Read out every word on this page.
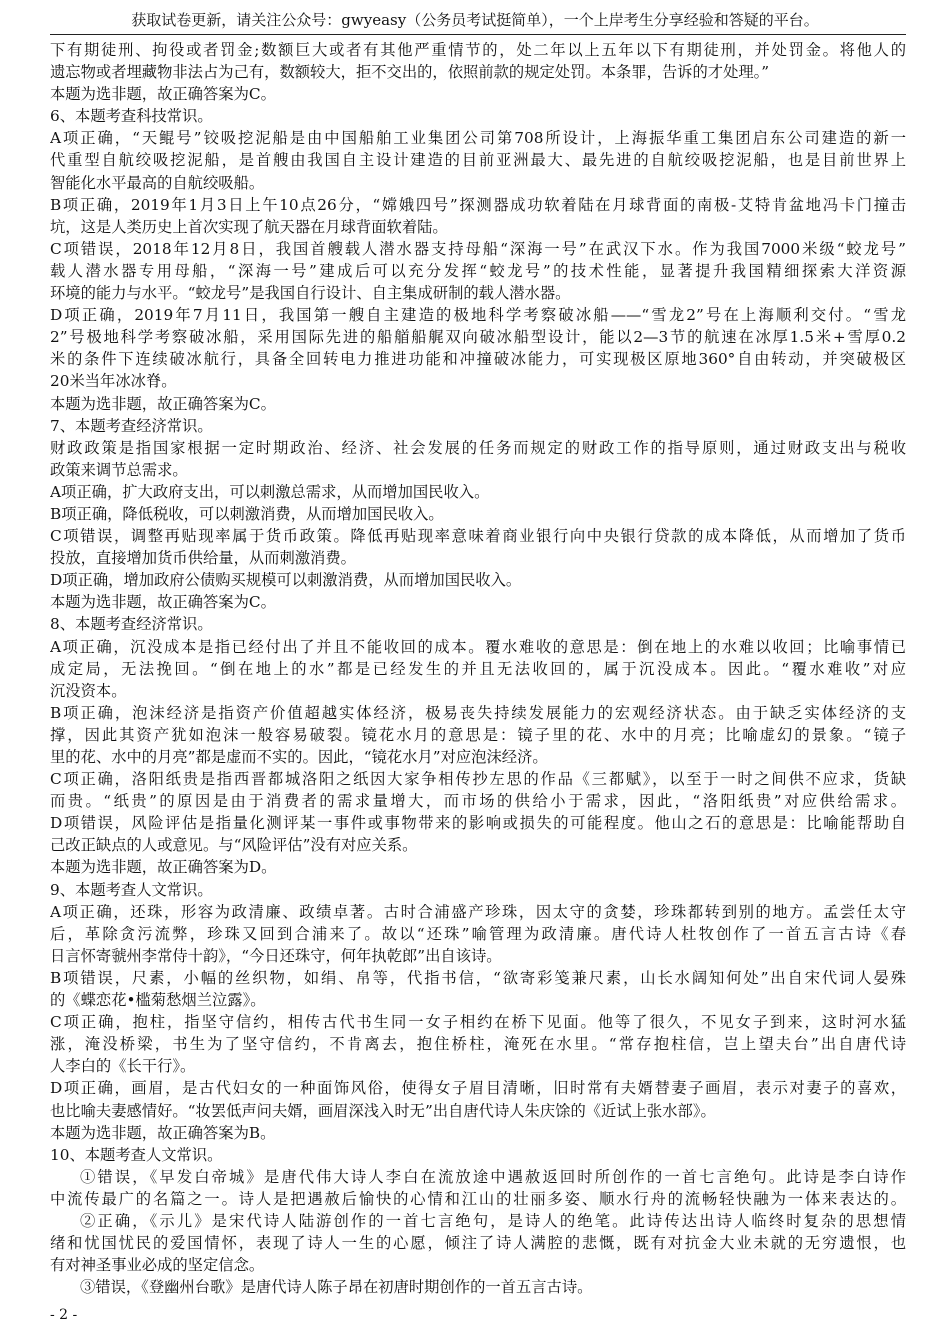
获取试卷更新，请关注公众号：gwyeasy（公务员考试挺简单），一个上岸考生分享经验和答疑的平台。
下有期徒刑、拘役或者罚金;数额巨大或者有其他严重情节的，处二年以上五年以下有期徒刑，并处罚金。将他人的
遗忘物或者埋藏物非法占为己有，数额较大，拒不交出的，依照前款的规定处罚。本条罪，告诉的才处理。”
本题为选非题，故正确答案为C。
6、本题考查科技常识。
A项正确，“天鲲号”铰吸挖泥船是由中国船舶工业集团公司第708所设计，上海振华重工集团启东公司建造的新一
代重型自航绞吸挖泥船，是首艘由我国自主设计建造的目前亚洲最大、最先进的自航绞吸挖泥船，也是目前世界上
智能化水平最高的自航绞吸船。
B项正确，2019年1月3日上午10点26分，“嫦娥四号”探测器成功软着陆在月球背面的南极-艾特肯盆地冯卡门撞击
坑，这是人类历史上首次实现了航天器在月球背面软着陆。
C项错误，2018年12月8日，我国首艘载人潜水器支持母船“深海一号”在武汉下水。作为我国7000米级“蛟龙号”
载人潜水器专用母船，“深海一号”建成后可以充分发挥“蛟龙号”的技术性能，显著提升我国精细探索大洋资源
环境的能力与水平。“蛟龙号”是我国自行设计、自主集成研制的载人潜水器。
D项正确，2019年7月11日，我国第一艘自主建造的极地科学考察破冰船——“雪龙2”号在上海顺利交付。“雪龙
2”号极地科学考察破冰船，采用国际先进的船艏船艉双向破冰船型设计，能以2—3节的航速在冰厚1.5米+雪厚0.2
米的条件下连续破冰航行，具备全回转电力推进功能和冲撞破冰能力，可实现极区原地360°自由转动，并突破极区
20米当年冰冰脊。
本题为选非题，故正确答案为C。
7、本题考查经济常识。
财政政策是指国家根据一定时期政治、经济、社会发展的任务而规定的财政工作的指导原则，通过财政支出与税收
政策来调节总需求。
A项正确，扩大政府支出，可以刺激总需求，从而增加国民收入。
B项正确，降低税收，可以刺激消费，从而增加国民收入。
C项错误，调整再贴现率属于货币政策。降低再贴现率意味着商业银行向中央银行贷款的成本降低，从而增加了货币
投放，直接增加货币供给量，从而刺激消费。
D项正确，增加政府公债购买规模可以刺激消费，从而增加国民收入。
本题为选非题，故正确答案为C。
8、本题考查经济常识。
A项正确，沉没成本是指已经付出了并且不能收回的成本。覆水难收的意思是：倒在地上的水难以收回；比喻事情已
成定局，无法挽回。“倒在地上的水”都是已经发生的并且无法收回的，属于沉没成本。因此。“覆水难收”对应
沉没资本。
B项正确，泡沫经济是指资产价值超越实体经济，极易丧失持续发展能力的宏观经济状态。由于缺乏实体经济的支
撑，因此其资产犹如泡沫一般容易破裂。镜花水月的意思是：镜子里的花、水中的月亮；比喻虚幻的景象。“镜子
里的花、水中的月亮”都是虚而不实的。因此，“镜花水月”对应泡沫经济。
C项正确，洛阳纸贵是指西晋都城洛阳之纸因大家争相传抄左思的作品《三都赋》，以至于一时之间供不应求，货缺
而贵。“纸贵”的原因是由于消费者的需求量增大，而市场的供给小于需求，因此，“洛阳纸贵”对应供给需求。
D项错误，风险评估是指量化测评某一事件或事物带来的影响或损失的可能程度。他山之石的意思是：比喻能帮助自
己改正缺点的人或意见。与“风险评估”没有对应关系。
本题为选非题，故正确答案为D。
9、本题考查人文常识。
A项正确，还珠，形容为政清廉、政绩卓著。古时合浦盛产珍珠，因太守的贪婪，珍珠都转到别的地方。孟尝任太守
后，革除贪污流弊，珍珠又回到合浦来了。故以“还珠”喻管理为政清廉。唐代诗人杜牧创作了一首五言古诗《春
日言怀寄虢州李常侍十韵》，“今日还珠守，何年执乾郎”出自该诗。
B项错误，尺素，小幅的丝织物，如绢、帛等，代指书信，“欲寄彩笺兼尺素，山长水阔知何处”出自宋代词人晏殊
的《蝶恋花•槛菊愁烟兰泣露》。
C项正确，抱柱，指坚守信约，相传古代书生同一女子相约在桥下见面。他等了很久，不见女子到来，这时河水猛
涨，淹没桥梁，书生为了坚守信约，不肯离去，抱住桥柱，淹死在水里。“常存抱柱信，岂上望夫台”出自唐代诗
人李白的《长干行》。
D项正确，画眉，是古代妇女的一种面饰风俗，使得女子眉目清晰，旧时常有夫婿替妻子画眉，表示对妻子的喜欢，
也比喻夫妻感情好。“妆罢低声问夫婿，画眉深浅入时无”出自唐代诗人朱庆馀的《近试上张水部》。
本题为选非题，故正确答案为B。
10、本题考查人文常识。
①错误，《早发白帝城》是唐代伟大诗人李白在流放途中遇赦返回时所创作的一首七言绝句。此诗是李白诗作
中流传最广的名篇之一。诗人是把遇赦后愉快的心情和江山的壮丽多姿、顺水行舟的流畅轻快融为一体来表达的。
②正确，《示儿》是宋代诗人陆游创作的一首七言绝句，是诗人的绝笔。此诗传达出诗人临终时复杂的思想情
绪和忧国忧民的爱国情怀，表现了诗人一生的心愿，倾注了诗人满腔的悲慨，既有对抗金大业未就的无穷遗恨，也
有对神圣事业必成的坚定信念。
③错误，《登幽州台歌》是唐代诗人陈子昂在初唐时期创作的一首五言古诗。
- 2 -
